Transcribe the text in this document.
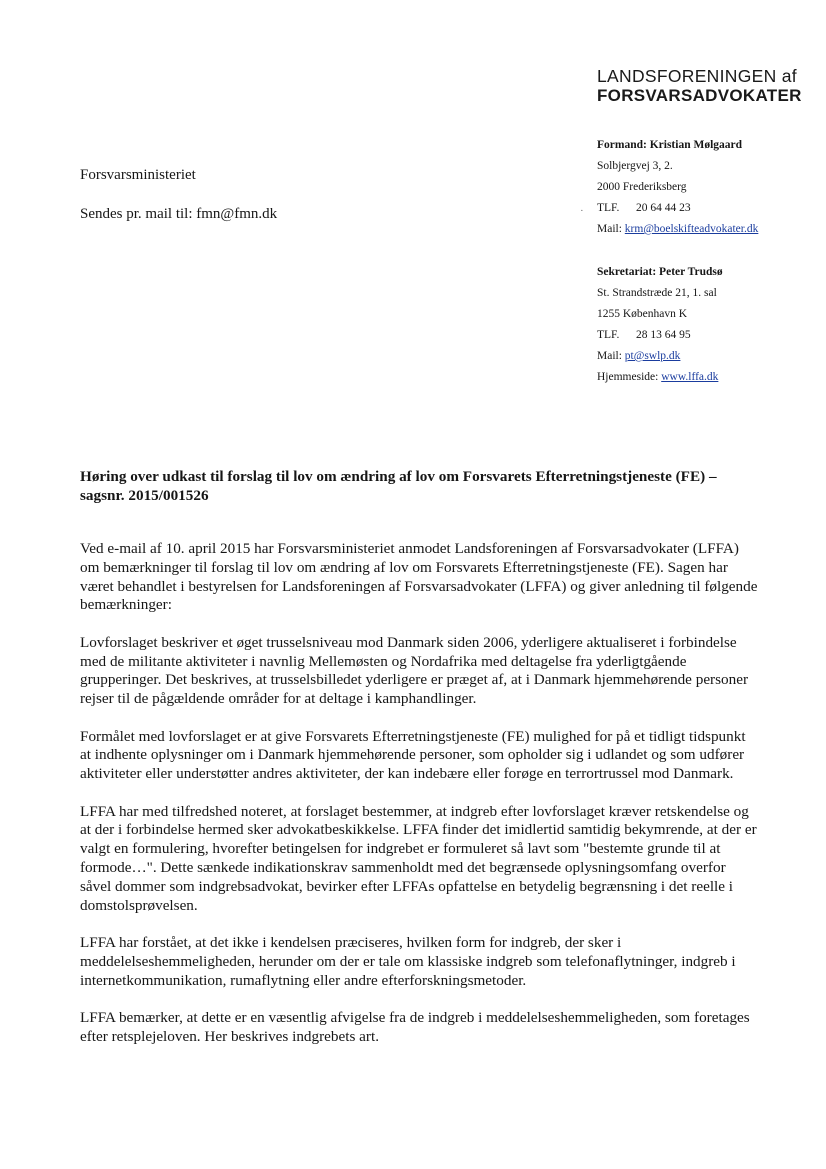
LANDSFORENINGEN af
FORSVARSADVOKATER
Forsvarsministeriet
Sendes pr. mail til: fmn@fmn.dk
Formand: Kristian Mølgaard
Solbjergvej 3, 2.
2000 Frederiksberg
TLF. 20 64 44 23
Mail: krm@boelskifteadvokater.dk
·
Sekretariat: Peter Trudsø
St. Strandstræde 21, 1. sal
1255 København K
TLF. 28 13 64 95
Mail: pt@swlp.dk
Hjemmeside: www.lffa.dk
Høring over udkast til forslag til lov om ændring af lov om Forsvarets Efterretningstjeneste (FE) – sagsnr. 2015/001526

Ved e-mail af 10. april 2015 har Forsvarsministeriet anmodet Landsforeningen af Forsvarsadvokater (LFFA) om bemærkninger til forslag til lov om ændring af lov om Forsvarets Efterretningstjeneste (FE). Sagen har været behandlet i bestyrelsen for Landsforeningen af Forsvarsadvokater (LFFA) og giver anledning til følgende bemærkninger:

Lovforslaget beskriver et øget trusselsniveau mod Danmark siden 2006, yderligere aktualiseret i forbindelse med de militante aktiviteter i navnlig Mellemøsten og Nordafrika med deltagelse fra yderligtgående grupperinger. Det beskrives, at trusselsbilledet yderligere er præget af, at i Danmark hjemmehørende personer rejser til de pågældende områder for at deltage i kamphandlinger.

Formålet med lovforslaget er at give Forsvarets Efterretningstjeneste (FE) mulighed for på et tidligt tidspunkt at indhente oplysninger om i Danmark hjemmehørende personer, som opholder sig i udlandet og som udfører aktiviteter eller understøtter andres aktiviteter, der kan indebære eller forøge en terrortrussel mod Danmark.

LFFA har med tilfredshed noteret, at forslaget bestemmer, at indgreb efter lovforslaget kræver retskendelse og at der i forbindelse hermed sker advokatbeskikkelse. LFFA finder det imidlertid samtidig bekymrende, at der er valgt en formulering, hvorefter betingelsen for indgrebet er formuleret så lavt som "bestemte grunde til at formode…". Dette sænkede indikationskrav sammenholdt med det begrænsede oplysningsomfang overfor såvel dommer som indgrebsadvokat, bevirker efter LFFAs opfattelse en betydelig begrænsning i det reelle i domstolsprøvelsen.

LFFA har forstået, at det ikke i kendelsen præciseres, hvilken form for indgreb, der sker i meddelelseshemmeligheden, herunder om der er tale om klassiske indgreb som telefonaflytninger, indgreb i internetkommunikation, rumaflytning eller andre efterforskningsmetoder.

LFFA bemærker, at dette er en væsentlig afvigelse fra de indgreb i meddelelseshemmeligheden, som foretages efter retsplejeloven. Her beskrives indgrebets art.
